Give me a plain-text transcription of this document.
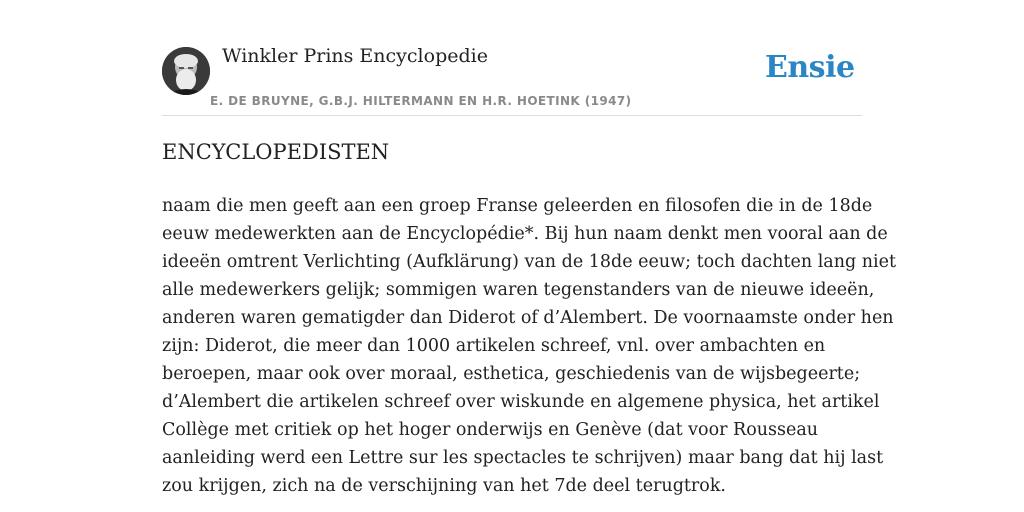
Winkler Prins Encyclopedie	Ensie
E. DE BRUYNE, G.B.J. HILTERMANN EN H.R. HOETINK (1947)
ENCYCLOPEDISTEN
naam die men geeft aan een groep Franse geleerden en filosofen die in de 18de
eeuw medewerkten aan de Encyclopédie*. Bij hun naam denkt men vooral aan de
ideeën omtrent Verlichting (Aufklärung) van de 18de eeuw; toch dachten lang niet
alle medewerkers gelijk; sommigen waren tegenstanders van de nieuwe ideeën,
anderen waren gematigder dan Diderot of d’Alembert. De voornaamste onder hen
zijn: Diderot, die meer dan 1000 artikelen schreef, vnl. over ambachten en
beroepen, maar ook over moraal, esthetica, geschiedenis van de wijsbegeerte;
d’Alembert die artikelen schreef over wiskunde en algemene physica, het artikel
Collège met critiek op het hoger onderwijs en Genève (dat voor Rousseau
aanleiding werd een Lettre sur les spectacles te schrijven) maar bang dat hij last
zou krijgen, zich na de verschijning van het 7de deel terugtrok.
